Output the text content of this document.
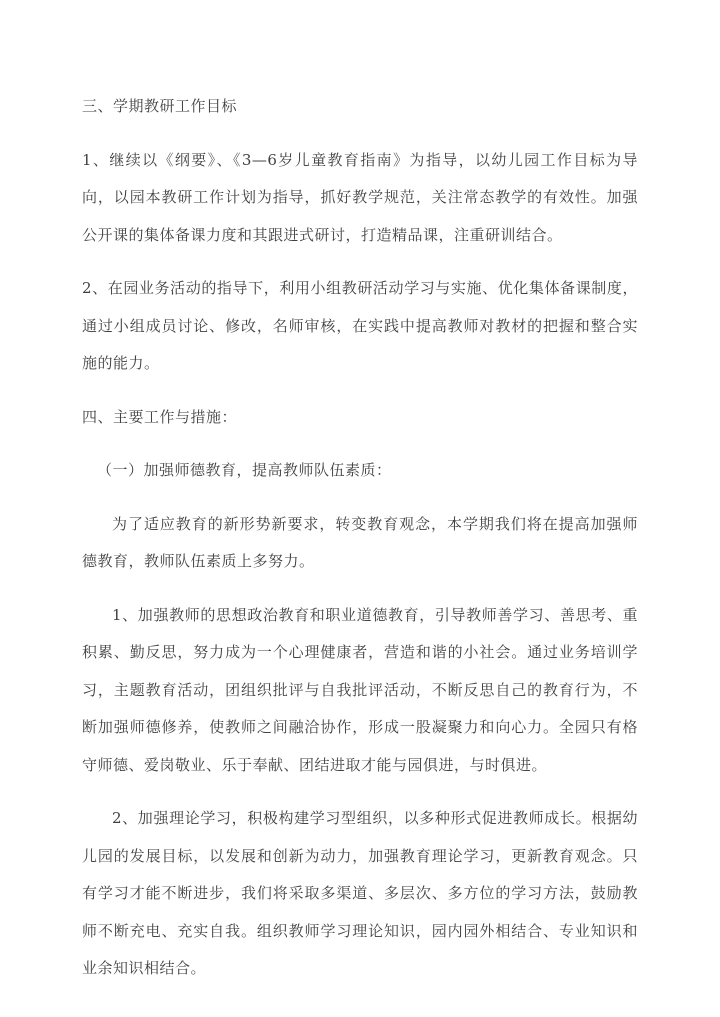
三、学期教研工作目标

1、继续以《纲要》、《3—6岁儿童教育指南》为指导，以幼儿园工作目标为导向，以园本教研工作计划为指导，抓好教学规范，关注常态教学的有效性。加强公开课的集体备课力度和其跟进式研讨，打造精品课，注重研训结合。

2、在园业务活动的指导下，利用小组教研活动学习与实施、优化集体备课制度，通过小组成员讨论、修改，名师审核，在实践中提高教师对教材的把握和整合实施的能力。

四、主要工作与措施：

（一）加强师德教育，提高教师队伍素质：

为了适应教育的新形势新要求，转变教育观念，本学期我们将在提高加强师德教育，教师队伍素质上多努力。

1、加强教师的思想政治教育和职业道德教育，引导教师善学习、善思考、重积累、勤反思，努力成为一个心理健康者，营造和谐的小社会。通过业务培训学习，主题教育活动，团组织批评与自我批评活动，不断反思自己的教育行为，不断加强师德修养，使教师之间融洽协作，形成一股凝聚力和向心力。全园只有格守师德、爱岗敬业、乐于奉献、团结进取才能与园俱进，与时俱进。

2、加强理论学习，积极构建学习型组织，以多种形式促进教师成长。根据幼儿园的发展目标，以发展和创新为动力，加强教育理论学习，更新教育观念。只有学习才能不断进步，我们将采取多渠道、多层次、多方位的学习方法，鼓励教师不断充电、充实自我。组织教师学习理论知识，园内园外相结合、专业知识和业余知识相结合。
